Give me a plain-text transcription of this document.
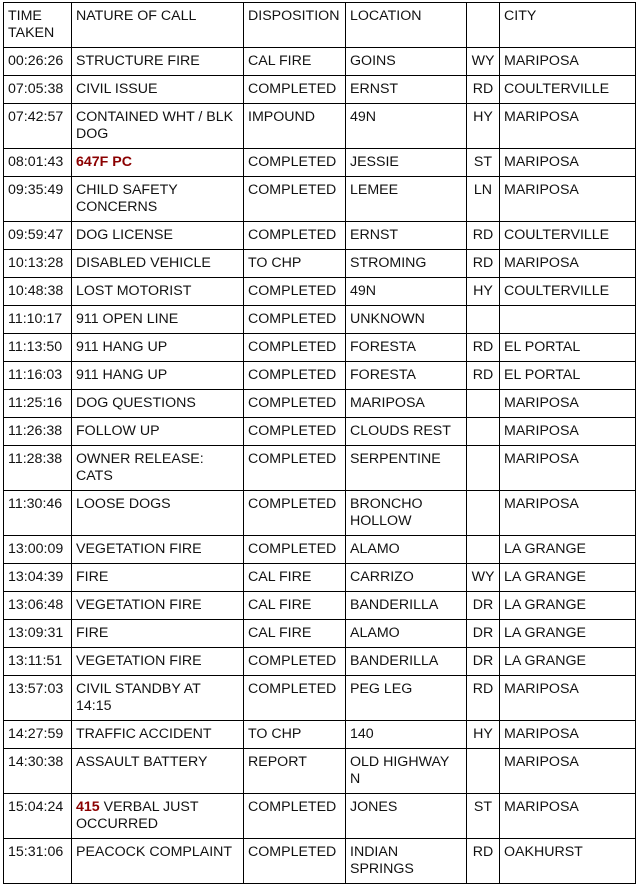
TIME TAKEN	NATURE OF CALL	DISPOSITION	LOCATION		CITY
00:26:26	STRUCTURE FIRE	CAL FIRE	GOINS	WY	MARIPOSA
07:05:38	CIVIL ISSUE	COMPLETED	ERNST	RD	COULTERVILLE
07:42:57	CONTAINED WHT / BLK DOG	IMPOUND	49N	HY	MARIPOSA
08:01:43	647F PC	COMPLETED	JESSIE	ST	MARIPOSA
09:35:49	CHILD SAFETY CONCERNS	COMPLETED	LEMEE	LN	MARIPOSA
09:59:47	DOG LICENSE	COMPLETED	ERNST	RD	COULTERVILLE
10:13:28	DISABLED VEHICLE	TO CHP	STROMING	RD	MARIPOSA
10:48:38	LOST MOTORIST	COMPLETED	49N	HY	COULTERVILLE
11:10:17	911 OPEN LINE	COMPLETED	UNKNOWN		
11:13:50	911 HANG UP	COMPLETED	FORESTA	RD	EL PORTAL
11:16:03	911 HANG UP	COMPLETED	FORESTA	RD	EL PORTAL
11:25:16	DOG QUESTIONS	COMPLETED	MARIPOSA		MARIPOSA
11:26:38	FOLLOW UP	COMPLETED	CLOUDS REST		MARIPOSA
11:28:38	OWNER RELEASE: CATS	COMPLETED	SERPENTINE		MARIPOSA
11:30:46	LOOSE DOGS	COMPLETED	BRONCHO HOLLOW		MARIPOSA
13:00:09	VEGETATION FIRE	COMPLETED	ALAMO		LA GRANGE
13:04:39	FIRE	CAL FIRE	CARRIZO	WY	LA GRANGE
13:06:48	VEGETATION FIRE	CAL FIRE	BANDERILLA	DR	LA GRANGE
13:09:31	FIRE	CAL FIRE	ALAMO	DR	LA GRANGE
13:11:51	VEGETATION FIRE	COMPLETED	BANDERILLA	DR	LA GRANGE
13:57:03	CIVIL STANDBY AT 14:15	COMPLETED	PEG LEG	RD	MARIPOSA
14:27:59	TRAFFIC ACCIDENT	TO CHP	140	HY	MARIPOSA
14:30:38	ASSAULT BATTERY	REPORT	OLD HIGHWAY N		MARIPOSA
15:04:24	415 VERBAL JUST OCCURRED	COMPLETED	JONES	ST	MARIPOSA
15:31:06	PEACOCK COMPLAINT	COMPLETED	INDIAN SPRINGS	RD	OAKHURST
